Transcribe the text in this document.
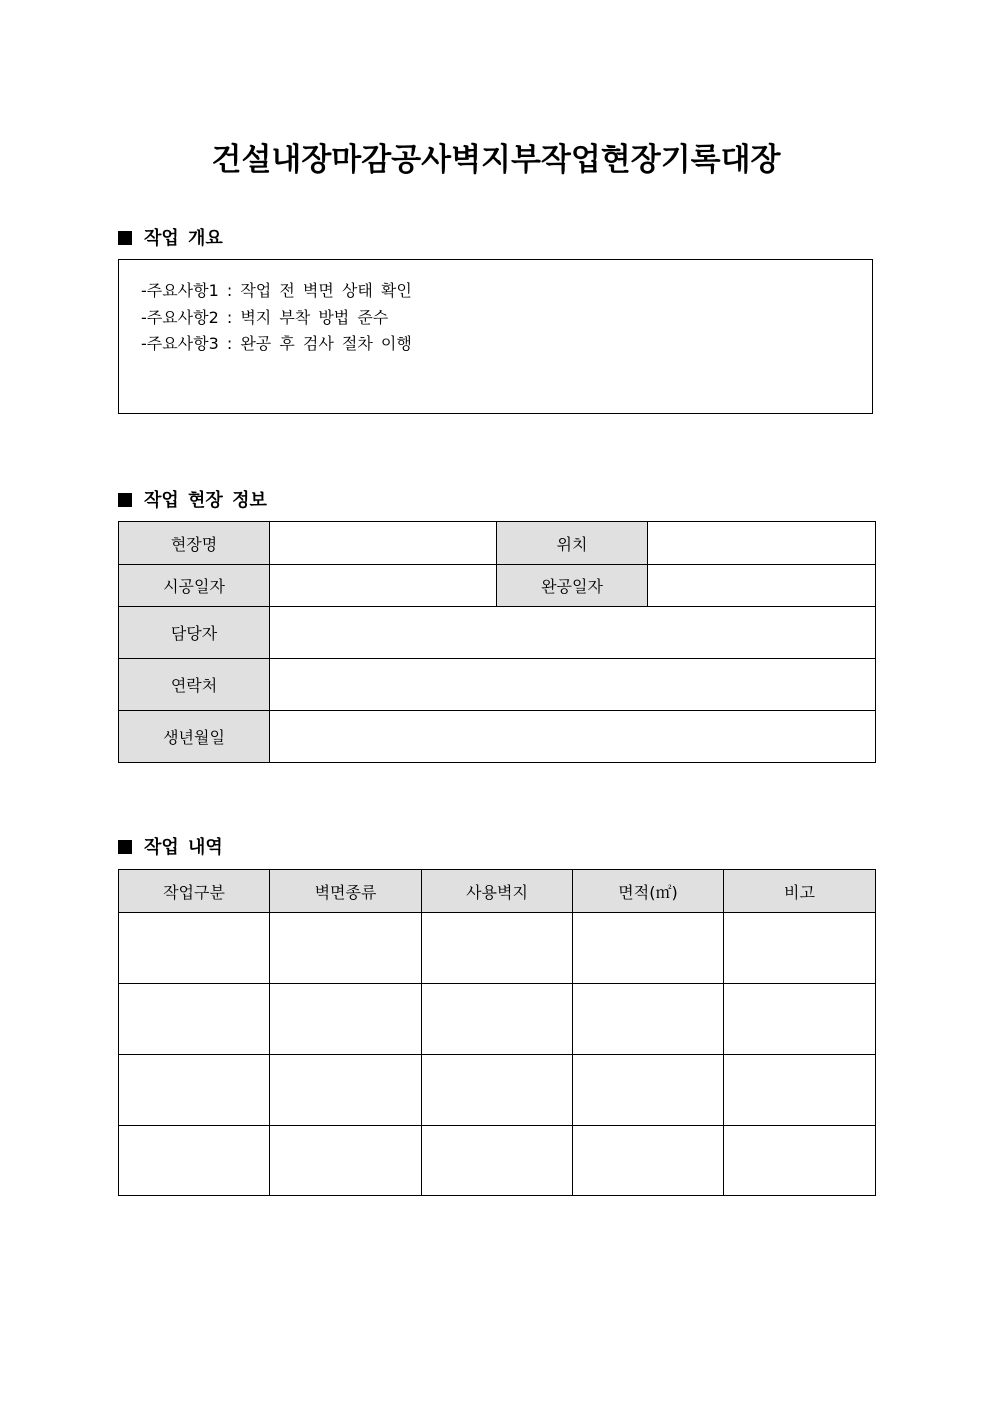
건설내장마감공사벽지부작업현장기록대장
작업 개요
-주요사항1 : 작업 전 벽면 상태 확인
-주요사항2 : 벽지 부착 방법 준수
-주요사항3 : 완공 후 검사 절차 이행
작업 현장 정보
현장명		위치	
시공일자		완공일자	
담당자			
연락처			
생년월일			
작업 내역
작업구분	벽면종류	사용벽지	면적(㎡)	비고
